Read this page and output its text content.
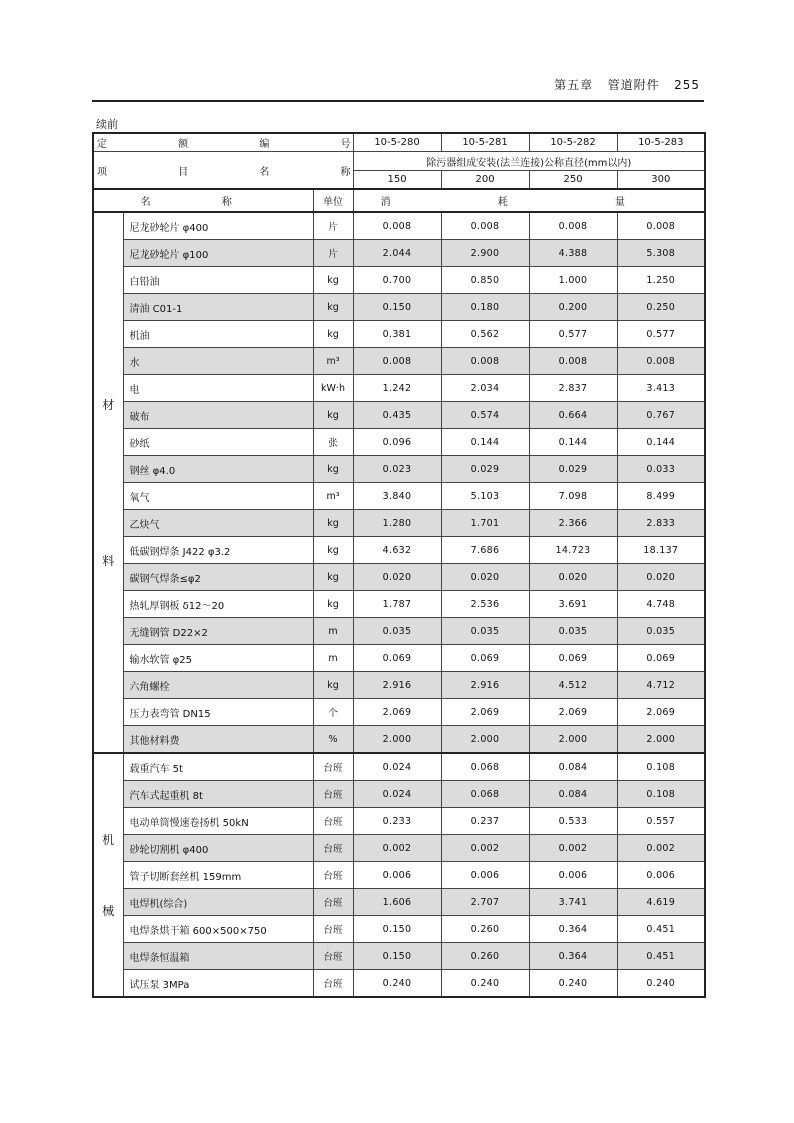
第五章 管道附件 255
续前
定 额 编 号			10-5-280	10-5-281	10-5-282	10-5-283
项 目 名 称			除污器组成安装(法兰连接)公称直径(mm以内)			
			150	200	250	300
名 称		单位	消 耗 量			

材
料	尼龙砂轮片 φ400	片	0.008	0.008	0.008	0.008
	尼龙砂轮片 φ100	片	2.044	2.900	4.388	5.308
	白铅油	kg	0.700	0.850	1.000	1.250
	清油 C01-1	kg	0.150	0.180	0.200	0.250
	机油	kg	0.381	0.562	0.577	0.577
	水	m³	0.008	0.008	0.008	0.008
	电	kW·h	1.242	2.034	2.837	3.413
	破布	kg	0.435	0.574	0.664	0.767
	砂纸	张	0.096	0.144	0.144	0.144
	钢丝 φ4.0	kg	0.023	0.029	0.029	0.033
	氧气	m³	3.840	5.103	7.098	8.499
	乙炔气	kg	1.280	1.701	2.366	2.833
	低碳钢焊条 J422 φ3.2	kg	4.632	7.686	14.723	18.137
	碳钢气焊条≤φ2	kg	0.020	0.020	0.020	0.020
	热轧厚钢板 δ12～20	kg	1.787	2.536	3.691	4.748
	无缝钢管 D22×2	m	0.035	0.035	0.035	0.035
	输水软管 φ25	m	0.069	0.069	0.069	0.069
	六角螺栓	kg	2.916	2.916	4.512	4.712
	压力表弯管 DN15	个	2.069	2.069	2.069	2.069
	其他材料费	%	2.000	2.000	2.000	2.000

机
械	载重汽车 5t	台班	0.024	0.068	0.084	0.108
	汽车式起重机 8t	台班	0.024	0.068	0.084	0.108
	电动单筒慢速卷扬机 50kN	台班	0.233	0.237	0.533	0.557
	砂轮切割机 φ400	台班	0.002	0.002	0.002	0.002
	管子切断套丝机 159mm	台班	0.006	0.006	0.006	0.006
	电焊机(综合)	台班	1.606	2.707	3.741	4.619
	电焊条烘干箱 600×500×750	台班	0.150	0.260	0.364	0.451
	电焊条恒温箱	台班	0.150	0.260	0.364	0.451
	试压泵 3MPa	台班	0.240	0.240	0.240	0.240
